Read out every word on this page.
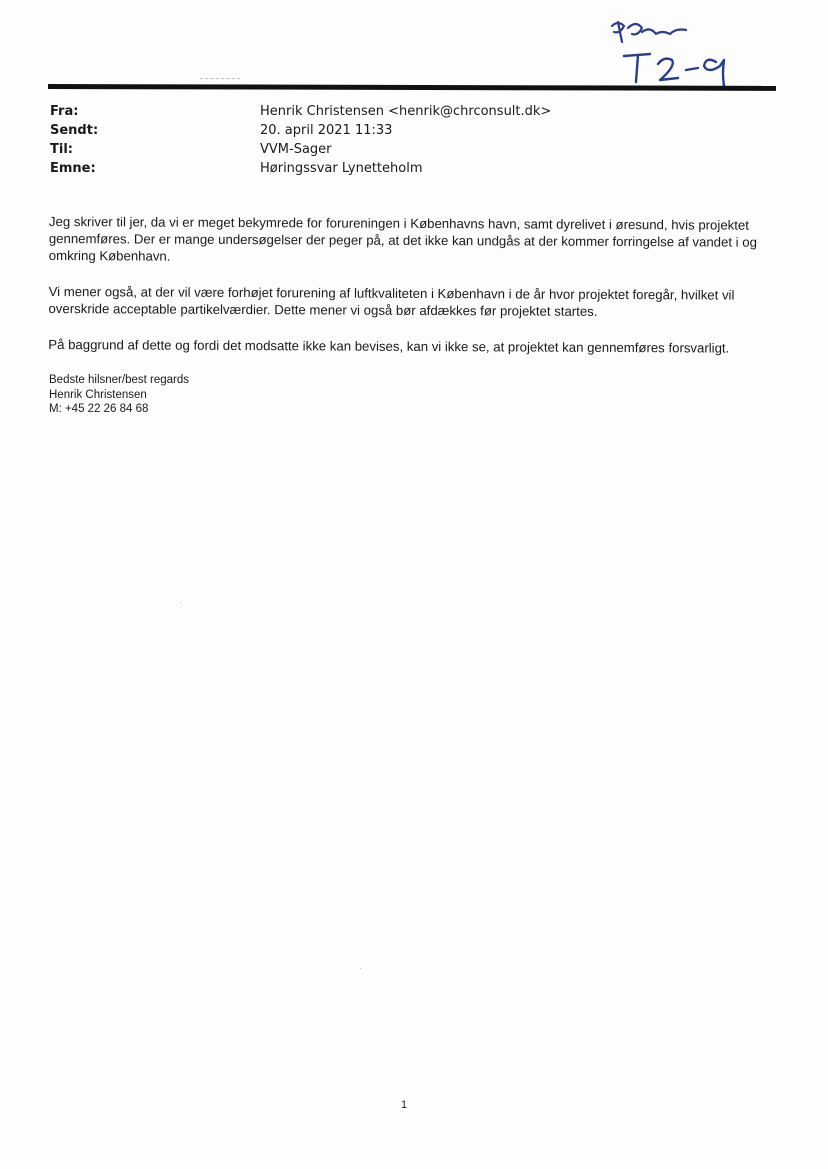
Fra:	Henrik Christensen <henrik@chrconsult.dk>
Sendt:	20. april 2021 11:33
Til:	VVM-Sager
Emne:	Høringssvar Lynetteholm

Jeg skriver til jer, da vi er meget bekymrede for forureningen i Københavns havn, samt dyrelivet i øresund, hvis projektet gennemføres. Der er mange undersøgelser der peger på, at det ikke kan undgås at der kommer forringelse af vandet i og omkring København.

Vi mener også, at der vil være forhøjet forurening af luftkvaliteten i København i de år hvor projektet foregår, hvilket vil overskride acceptable partikelværdier. Dette mener vi også bør afdækkes før projektet startes.

På baggrund af dette og fordi det modsatte ikke kan bevises, kan vi ikke se, at projektet kan gennemføres forsvarligt.

Bedste hilsner/best regards
Henrik Christensen
M: +45 22 26 84 68
1
